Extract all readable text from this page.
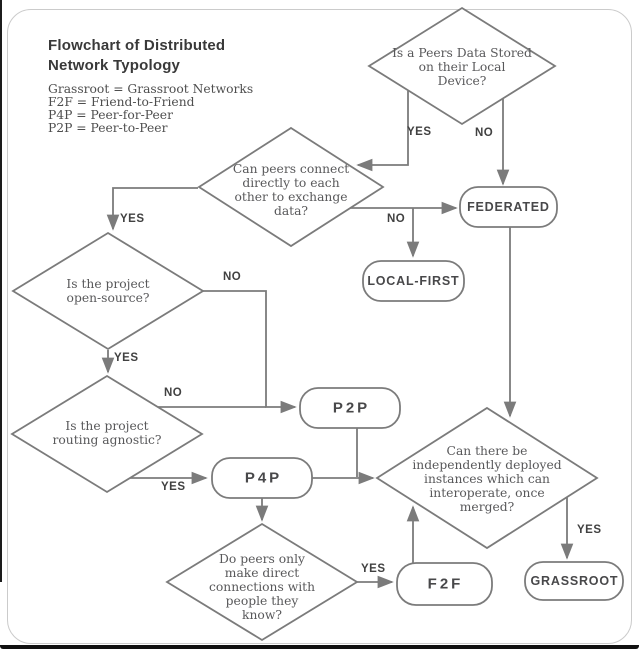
Flowchart of Distributed
Network Typology
Grassroot = Grassroot Networks
F2F = Friend-to-Friend
P4P = Peer-for-Peer
P2P = Peer-to-Peer
Is a Peers Data Stored
on their Local
Device?
Can peers connect
directly to each
other to exchange
data?
Is the project
open-source?
Is the project
routing agnostic?
Can there be
independently deployed
instances which can
interoperate, once
merged?
Do peers only
make direct
connections with
people they
know?
FEDERATED
LOCAL-FIRST
P2P
P4P
F2F	GRASSROOT
YES	NO
YES	NO
NO
YES
NO
YES
YES
YES
